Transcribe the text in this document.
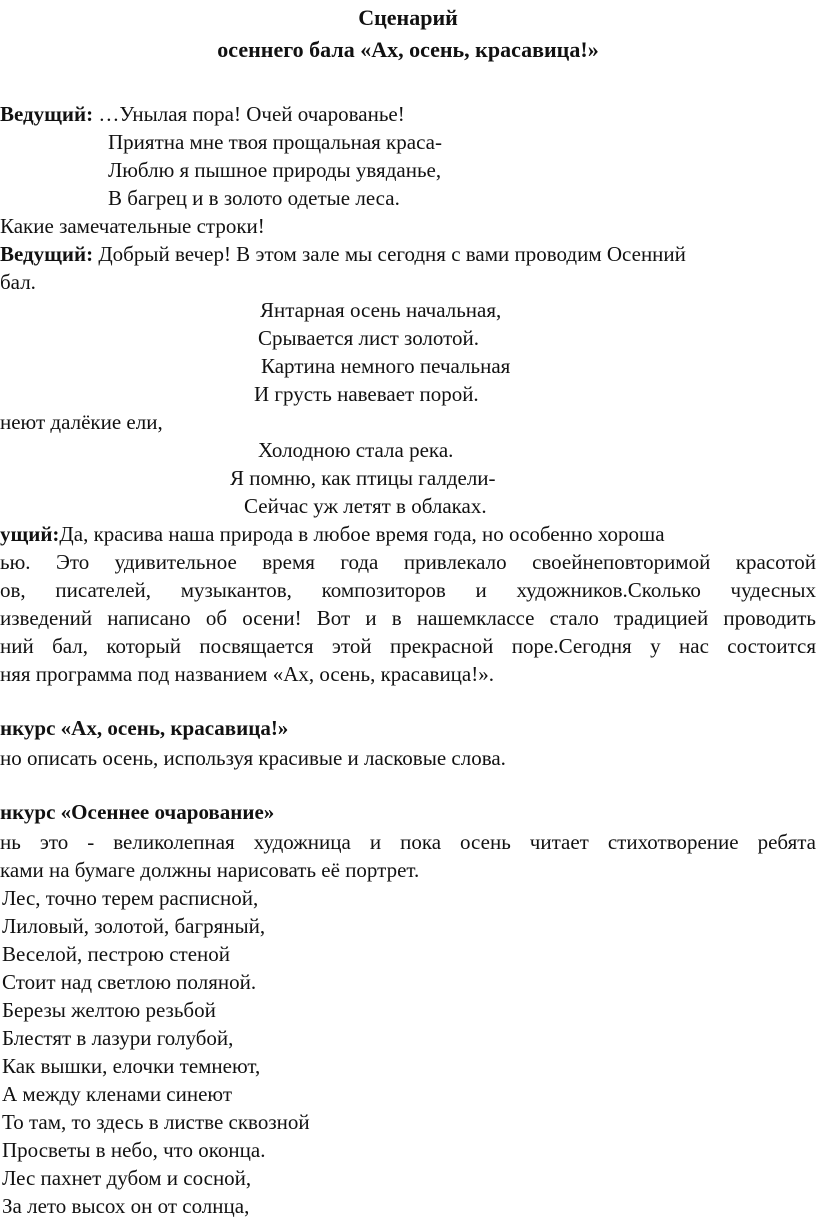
Сценарий
осеннего бала «Ах, осень, красавица!»
Ведущий: …Унылая пора! Очей очарованье!
Приятна мне твоя прощальная краса-
Люблю я пышное природы увяданье,
В багрец и в золото одетые леса.
Какие замечательные строки!
Ведущий: Добрый вечер! В этом зале мы сегодня с вами проводим Осенний
бал.
Янтарная осень начальная,
Срывается лист золотой.
Картина немного печальная
И грусть навевает порой.
неют далёкие ели,
Холодною стала река.
Я помню, как птицы галдели-
Сейчас уж летят в облаках.
ущий:Да, красива наша природа в любое время года, но особенно хороша
ью. Это удивительное время года привлекало своейнеповторимой красотой
ов, писателей, музыкантов, композиторов и художников.Сколько чудесных
изведений написано об осени! Вот и в нашемклассе стало традицией проводить
ний бал, который посвящается этой прекрасной поре.Сегодня у нас состоится
няя программа под названием «Ах, осень, красавица!».
нкурс «Ах, осень, красавица!»
но описать осень, используя красивые и ласковые слова.
нкурс «Осеннее очарование»
нь это - великолепная художница и пока осень читает стихотворение ребята
ками на бумаге должны нарисовать её портрет.
Лес, точно терем расписной,
Лиловый, золотой, багряный,
Веселой, пестрою стеной
Стоит над светлою поляной.
Березы желтою резьбой
Блестят в лазури голубой,
Как вышки, елочки темнеют,
А между кленами синеют
То там, то здесь в листве сквозной
Просветы в небо, что оконца.
Лес пахнет дубом и сосной,
За лето высох он от солнца,
